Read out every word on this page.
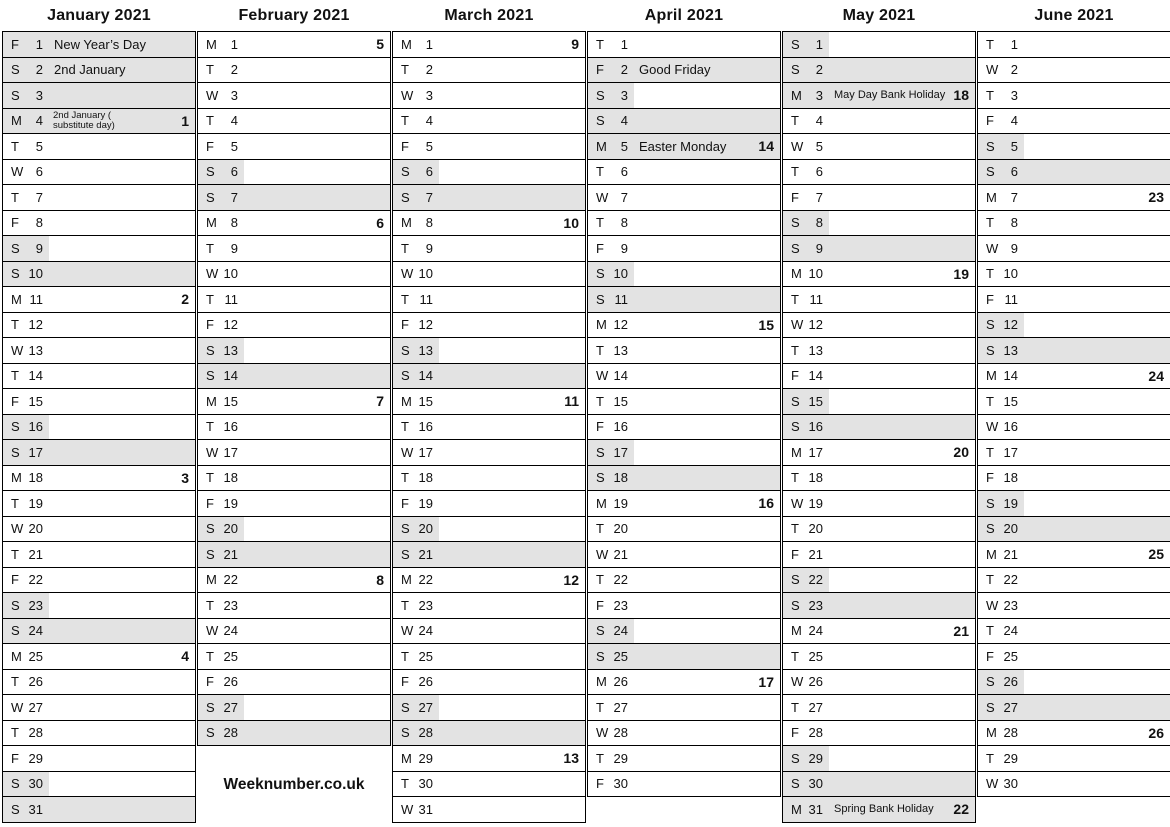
January 2021
F	1 New Year’s Day
S	2 2nd January
S	3
M	4 2nd January ( substitute day)	1
T	5
W 6
T	7
F	8
S	9
S 10
M 11	2
T 12
W 13
T 14
F 15
S 16
S 17
M 18	3
T 19
W 20
T 21
F 22
S 23
S 24
M 25	4
T 26
W 27
T 28
F 29
S 30
S 31
February 2021
M	1	5
T	2
W 3
T	4
F	5
S	6
S	7
M	8	6
T	9
W 10
T 11
F 12
S 13
S 14
M 15	7
T 16
W 17
T 18
F 19
S 20
S 21
M 22	8
T 23
W 24
T 25
F 26
S 27
S 28
Weeknumber.co.uk
March 2021
M	1	9
T	2
W 3
T	4
F	5
S	6
S	7
M	8	10
T	9
W 10
T 11
F 12
S 13
S 14
M 15	11
T 16
W 17
T 18
F 19
S 20
S 21
M 22	12
T 23
W 24
T 25
F 26
S 27
S 28
M 29	13
T 30
W 31
April 2021
T	1
F	2 Good Friday
S	3
S	4
M	5 Easter Monday 14
T	6
W 7
T	8
F	9
S 10
S 11
M 12	15
T 13
W 14
T 15
F 16
S 17
S 18
M 19	16
T 20
W 21
T 22
F 23
S 24
S 25
M 26	17
T 27
W 28
T 29
F 30
May 2021
S	1
S	2
M	3 May Day Bank Holiday 18
T	4
W 5
T	6
F	7
S	8
S	9
M 10	19
T 11
W 12
T 13
F 14
S 15
S 16
M 17	20
T 18
W 19
T 20
F 21
S 22
S 23
M 24	21
T 25
W 26
T 27
F 28
S 29
S 30
M 31 Spring Bank Holiday 22
June 2021
T	1
W 2
T	3
F	4
S	5
S	6
M	7	23
T	8
W 9
T 10
F 11
S 12
S 13
M 14	24
T 15
W 16
T 17
F 18
S 19
S 20
M 21	25
T 22
W 23
T 24
F 25
S 26
S 27
M 28	26
T 29
W 30
